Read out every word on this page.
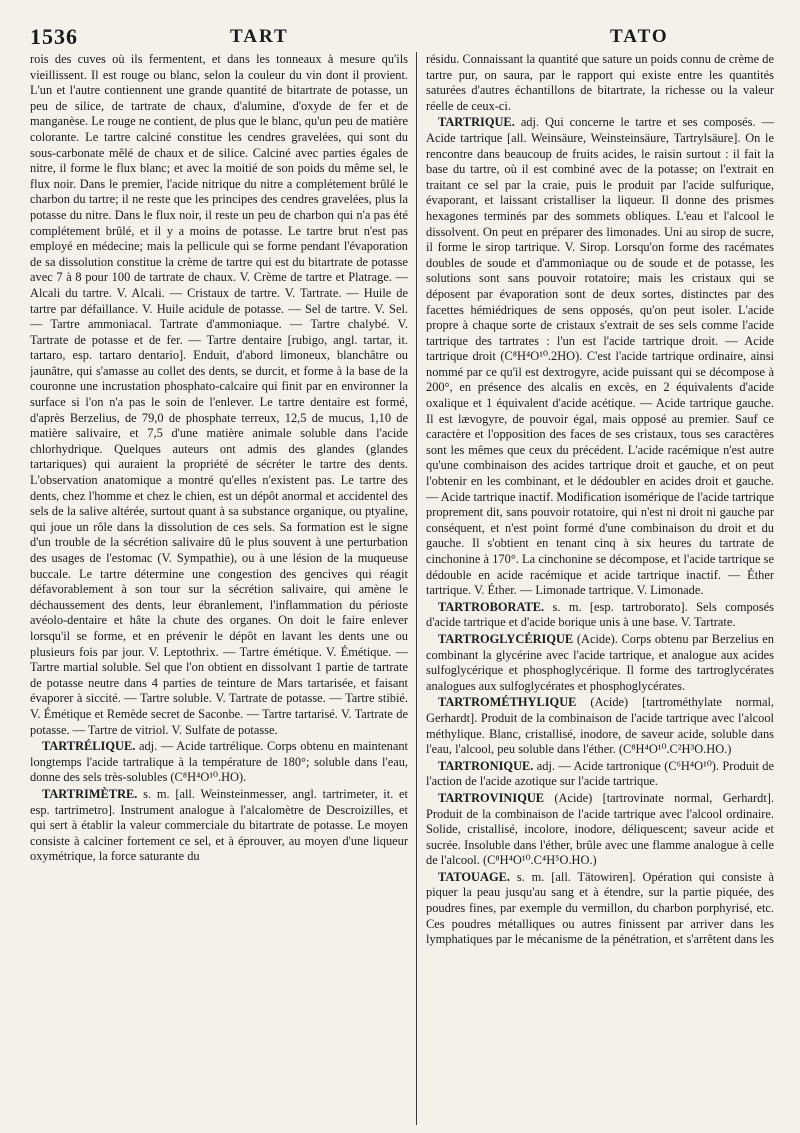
1536	TART	TATO

rois des cuves où ils fermentent, et dans les tonneaux à mesure qu'ils vieillissent. Il est rouge ou blanc, selon la couleur du vin dont il provient. L'un et l'autre contiennent une grande quantité de bitartrate de potasse, un peu de silice, de tartrate de chaux, d'alumine, d'oxyde de fer et de manganèse. Le rouge ne contient, de plus que le blanc, qu'un peu de matière colorante. Le tartre calciné constitue les cendres gravelées, qui sont du sous-carbonate mêlé de chaux et de silice. Calciné avec parties égales de nitre, il forme le flux blanc; et avec la moitié de son poids du même sel, le flux noir. Dans le premier, l'acide nitrique du nitre a complétement brûlé le charbon du tartre; il ne reste que les principes des cendres gravelées, plus la potasse du nitre. Dans le flux noir, il reste un peu de charbon qui n'a pas été complétement brûlé, et il y a moins de potasse. Le tartre brut n'est pas employé en médecine; mais la pellicule qui se forme pendant l'évaporation de sa dissolution constitue la crème de tartre qui est du bitartrate de potasse avec 7 à 8 pour 100 de tartrate de chaux. V. Crème de tartre et Platrage. — Alcali du tartre. V. Alcali. — Cristaux de tartre. V. Tartrate. — Huile de tartre par défaillance. V. Huile acidule de potasse. — Sel de tartre. V. Sel. — Tartre ammoniacal. Tartrate d'ammoniaque. — Tartre chalybé. V. Tartrate de potasse et de fer. — Tartre dentaire [rubigo, angl. tartar, it. tartaro, esp. tartaro dentario]. Enduit, d'abord limoneux, blanchâtre ou jaunâtre, qui s'amasse au collet des dents, se durcit, et forme à la base de la couronne une incrustation phosphato-calcaire qui finit par en environner la surface si l'on n'a pas le soin de l'enlever. Le tartre dentaire est formé, d'après Berzelius, de 79,0 de phosphate terreux, 12,5 de mucus, 1,10 de matière salivaire, et 7,5 d'une matière animale soluble dans l'acide chlorhydrique. Quelques auteurs ont admis des glandes (glandes tartariques) qui auraient la propriété de sécréter le tartre des dents. L'observation anatomique a montré qu'elles n'existent pas. Le tartre des dents, chez l'homme et chez le chien, est un dépôt anormal et accidentel des sels de la salive altérée, surtout quant à sa substance organique, ou ptyaline, qui joue un rôle dans la dissolution de ces sels. Sa formation est le signe d'un trouble de la sécrétion salivaire dû le plus souvent à une perturbation des usages de l'estomac (V. Sympathie), ou à une lésion de la muqueuse buccale. Le tartre détermine une congestion des gencives qui réagit défavorablement à son tour sur la sécrétion salivaire, qui amène le déchaussement des dents, leur ébranlement, l'inflammation du périoste avéolo-dentaire et hâte la chute des organes. On doit le faire enlever lorsqu'il se forme, et en prévenir le dépôt en lavant les dents une ou plusieurs fois par jour. V. Leptothrix. — Tartre émétique. V. Émétique. — Tartre martial soluble. Sel que l'on obtient en dissolvant 1 partie de tartrate de potasse neutre dans 4 parties de teinture de Mars tartarisée, et faisant évaporer à siccité. — Tartre soluble. V. Tartrate de potasse. — Tartre stibié. V. Émétique et Remède secret de Saconbe. — Tartre tartarisé. V. Tartrate de potasse. — Tartre de vitriol. V. Sulfate de potasse.

TARTRÉLIQUE. adj. — Acide tartrélique. Corps obtenu en maintenant longtemps l'acide tartralique à la température de 180°; soluble dans l'eau, donne des sels très-solubles (C⁸H⁴O¹⁰.HO).

TARTRIMÈTRE. s. m. [all. Weinsteinmesser, angl. tartrimeter, it. et esp. tartrimetro]. Instrument analogue à l'alcalomètre de Descroizilles, et qui sert à établir la valeur commerciale du bitartrate de potasse. Le moyen consiste à calciner fortement ce sel, et à éprouver, au moyen d'une liqueur oxymétrique, la force saturante du

résidu. Connaissant la quantité que sature un poids connu de crème de tartre pur, on saura, par le rapport qui existe entre les quantités saturées d'autres échantillons de bitartrate, la richesse ou la valeur réelle de ceux-ci.

TARTRIQUE. adj. Qui concerne le tartre et ses composés. — Acide tartrique [all. Weinsäure, Weinsteinsäure, Tartrylsäure]. On le rencontre dans beaucoup de fruits acides, le raisin surtout : il fait la base du tartre, où il est combiné avec de la potasse; on l'extrait en traitant ce sel par la craie, puis le produit par l'acide sulfurique, évaporant, et laissant cristalliser la liqueur. Il donne des prismes hexagones terminés par des sommets obliques. L'eau et l'alcool le dissolvent. On peut en préparer des limonades. Uni au sirop de sucre, il forme le sirop tartrique. V. Sirop. Lorsqu'on forme des racémates doubles de soude et d'ammoniaque ou de soude et de potasse, les solutions sont sans pouvoir rotatoire; mais les cristaux qui se déposent par évaporation sont de deux sortes, distinctes par des facettes hémiédriques de sens opposés, qu'on peut isoler. L'acide propre à chaque sorte de cristaux s'extrait de ses sels comme l'acide tartrique des tartrates : l'un est l'acide tartrique droit. — Acide tartrique droit (C⁸H⁴O¹⁰.2HO). C'est l'acide tartrique ordinaire, ainsi nommé par ce qu'il est dextrogyre, acide puissant qui se décompose à 200°, en présence des alcalis en excès, en 2 équivalents d'acide oxalique et 1 équivalent d'acide acétique. — Acide tartrique gauche. Il est lævogyre, de pouvoir égal, mais opposé au premier. Sauf ce caractère et l'opposition des faces de ses cristaux, tous ses caractères sont les mêmes que ceux du précédent. L'acide racémique n'est autre qu'une combinaison des acides tartrique droit et gauche, et on peut l'obtenir en les combinant, et le dédoubler en acides droit et gauche. — Acide tartrique inactif. Modification isomérique de l'acide tartrique proprement dit, sans pouvoir rotatoire, qui n'est ni droit ni gauche par conséquent, et n'est point formé d'une combinaison du droit et du gauche. Il s'obtient en tenant cinq à six heures du tartrate de cinchonine à 170°. La cinchonine se décompose, et l'acide tartrique se dédouble en acide racémique et acide tartrique inactif. — Éther tartrique. V. Éther. — Limonade tartrique. V. Limonade.

TARTROBORATE. s. m. [esp. tartroborato]. Sels composés d'acide tartrique et d'acide borique unis à une base. V. Tartrate.

TARTROGLYCÉRIQUE (Acide). Corps obtenu par Berzelius en combinant la glycérine avec l'acide tartrique, et analogue aux acides sulfoglycérique et phosphoglycérique. Il forme des tartroglycérates analogues aux sulfoglycérates et phosphoglycérates.

TARTROMÉTHYLIQUE (Acide) [tartrométhylate normal, Gerhardt]. Produit de la combinaison de l'acide tartrique avec l'alcool méthylique. Blanc, cristallisé, inodore, de saveur acide, soluble dans l'eau, l'alcool, peu soluble dans l'éther. (C⁸H⁴O¹⁰.C²H³O.HO.)

TARTRONIQUE. adj. — Acide tartronique (C⁶H⁴O¹⁰). Produit de l'action de l'acide azotique sur l'acide tartrique.

TARTROVINIQUE (Acide) [tartrovinate normal, Gerhardt]. Produit de la combinaison de l'acide tartrique avec l'alcool ordinaire. Solide, cristallisé, incolore, inodore, déliquescent; saveur acide et sucrée. Insoluble dans l'éther, brûle avec une flamme analogue à celle de l'alcool. (C⁸H⁴O¹⁰.C⁴H⁵O.HO.)

TATOUAGE. s. m. [all. Tätowiren]. Opération qui consiste à piquer la peau jusqu'au sang et à étendre, sur la partie piquée, des poudres fines, par exemple du vermillon, du charbon porphyrisé, etc. Ces poudres métalliques ou autres finissent par arriver dans les lymphatiques par le mécanisme de la pénétration, et s'arrêtent dans les
